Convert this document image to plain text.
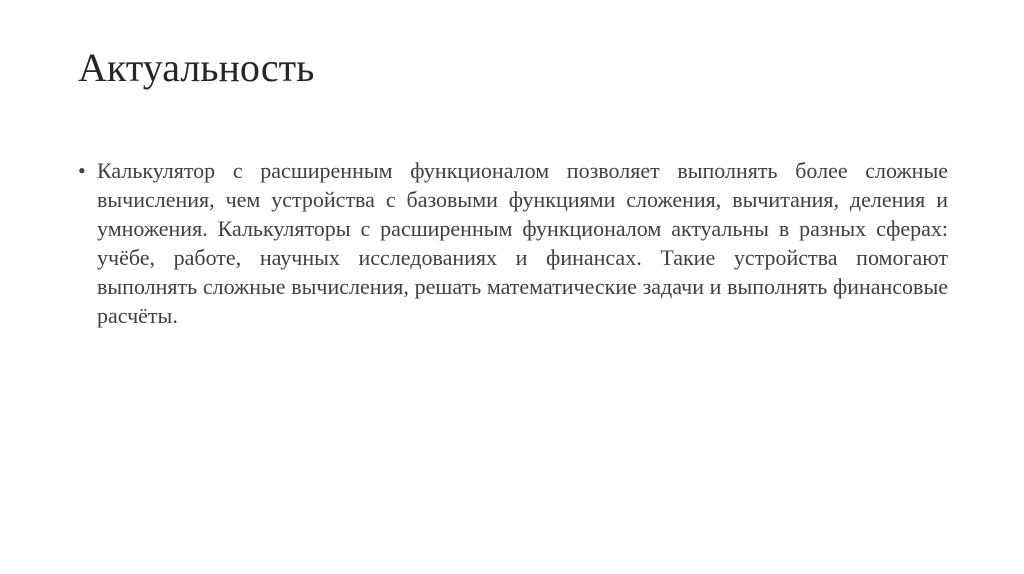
Актуальность
• Калькулятор с расширенным функционалом позволяет выполнять более сложные вычисления, чем устройства с базовыми функциями сложения, вычитания, деления и умножения. Калькуляторы с расширенным функционалом актуальны в разных сферах: учёбе, работе, научных исследованиях и финансах. Такие устройства помогают выполнять сложные вычисления, решать математические задачи и выполнять финансовые расчёты.
